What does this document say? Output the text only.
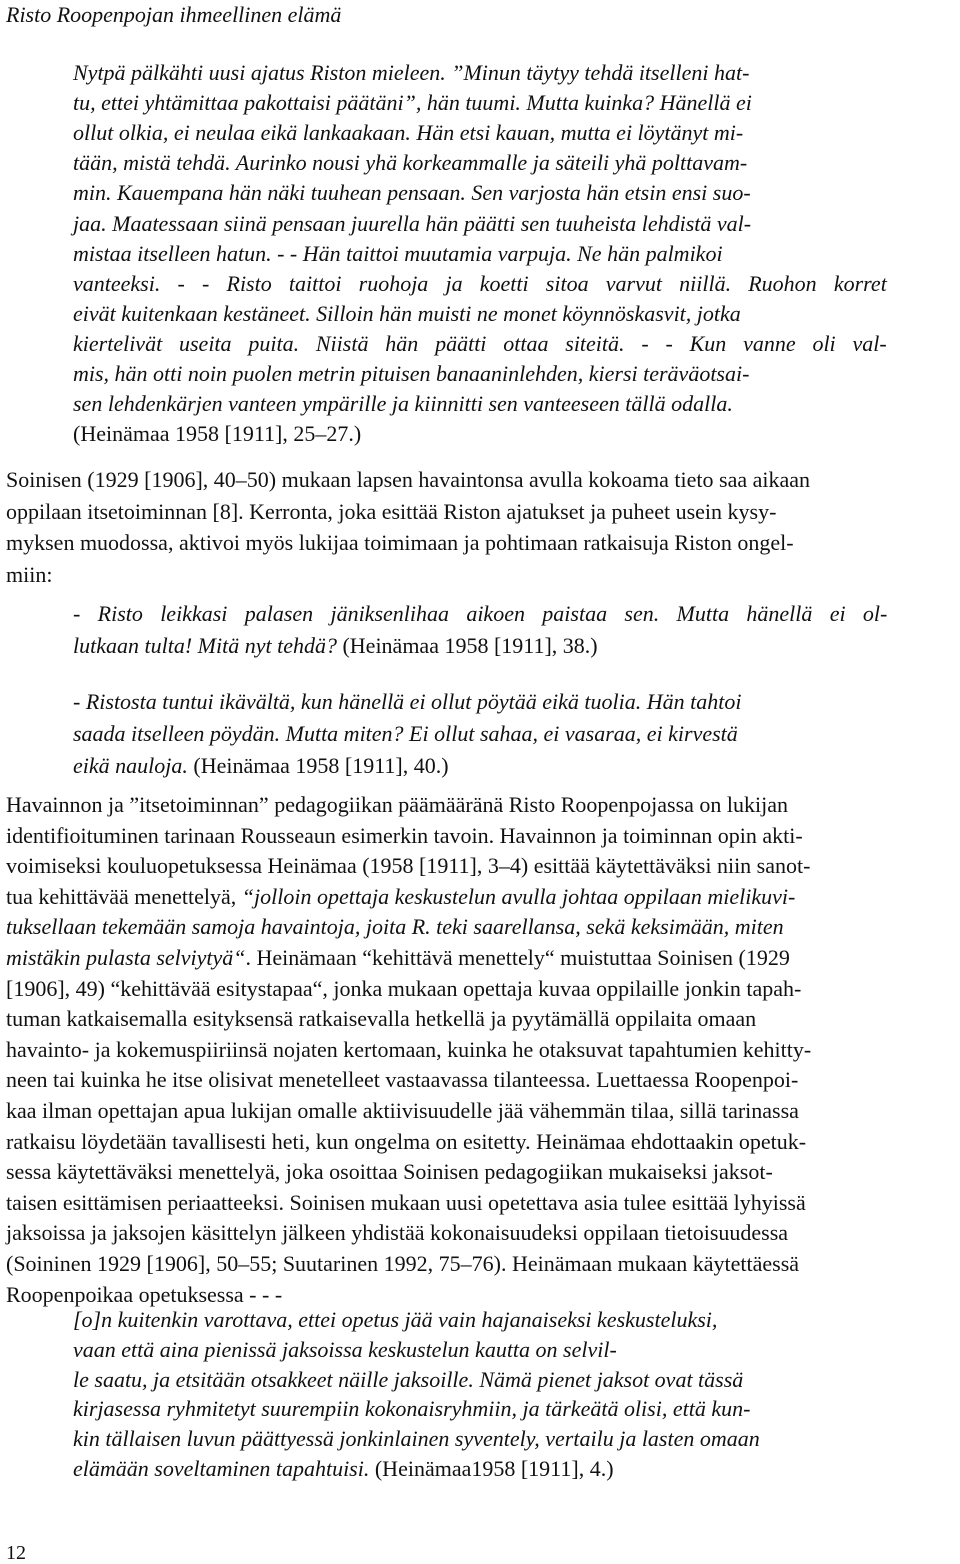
Risto Roopenpojan ihmeellinen elämä
Nytpä pälkähti uusi ajatus Riston mieleen. ”Minun täytyy tehdä itselleni hat-
tu, ettei yhtämittaa pakottaisi päätäni”, hän tuumi. Mutta kuinka? Hänellä ei
ollut olkia, ei neulaa eikä lankaakaan. Hän etsi kauan, mutta ei löytänyt mi-
tään, mistä tehdä. Aurinko nousi yhä korkeammalle ja säteili yhä polttavam-
min. Kauempana hän näki tuuhean pensaan. Sen varjosta hän etsin ensi suo-
jaa. Maatessaan siinä pensaan juurella hän päätti sen tuuheista lehdistä val-
mistaa itselleen hatun. - - Hän taittoi muutamia varpuja. Ne hän palmikoi
vanteeksi. - - Risto taittoi ruohoja ja koetti sitoa varvut niillä. Ruohon korret
eivät kuitenkaan kestäneet. Silloin hän muisti ne monet köynnöskasvit, jotka
kiertelivät useita puita. Niistä hän päätti ottaa siteitä. - - Kun vanne oli val-
mis, hän otti noin puolen metrin pituisen banaaninlehden, kiersi teräväotsai-
sen lehdenkärjen vanteen ympärille ja kiinnitti sen vanteeseen tällä odalla.
(Heinämaa 1958 [1911], 25–27.)
Soinisen (1929 [1906], 40–50) mukaan lapsen havaintonsa avulla kokoama tieto saa aikaan
oppilaan itsetoiminnan [8]. Kerronta, joka esittää Riston ajatukset ja puheet usein kysy-
myksen muodossa, aktivoi myös lukijaa toimimaan ja pohtimaan ratkaisuja Riston ongel-
miin:
- Risto leikkasi palasen jäniksenlihaa aikoen paistaa sen. Mutta hänellä ei ol-
lutkaan tulta! Mitä nyt tehdä? (Heinämaa 1958 [1911], 38.)
- Ristosta tuntui ikävältä, kun hänellä ei ollut pöytää eikä tuolia. Hän tahtoi
saada itselleen pöydän. Mutta miten? Ei ollut sahaa, ei vasaraa, ei kirvestä
eikä nauloja. (Heinämaa 1958 [1911], 40.)
Havainnon ja ”itsetoiminnan” pedagogiikan päämääränä Risto Roopenpojassa on lukijan
identifioituminen tarinaan Rousseaun esimerkin tavoin. Havainnon ja toiminnan opin akti-
voimiseksi kouluopetuksessa Heinämaa (1958 [1911], 3–4) esittää käytettäväksi niin sanot-
tua kehittävää menettelyä, “jolloin opettaja keskustelun avulla johtaa oppilaan mielikuvi-
tuksellaan tekemään samoja havaintoja, joita R. teki saarellansa, sekä keksimään, miten
mistäkin pulasta selviytyä“. Heinämaan “kehittävä menettely“ muistuttaa Soinisen (1929
[1906], 49) “kehittävää esitystapaa“, jonka mukaan opettaja kuvaa oppilaille jonkin tapah-
tuman katkaisemalla esityksensä ratkaisevalla hetkellä ja pyytämällä oppilaita omaan
havainto- ja kokemuspiiriinsä nojaten kertomaan, kuinka he otaksuvat tapahtumien kehitty-
neen tai kuinka he itse olisivat menetelleet vastaavassa tilanteessa. Luettaessa Roopenpoi-
kaa ilman opettajan apua lukijan omalle aktiivisuudelle jää vähemmän tilaa, sillä tarinassa
ratkaisu löydetään tavallisesti heti, kun ongelma on esitetty. Heinämaa ehdottaakin opetuk-
sessa käytettäväksi menettelyä, joka osoittaa Soinisen pedagogiikan mukaiseksi jaksot-
taisen esittämisen periaatteeksi. Soinisen mukaan uusi opetettava asia tulee esittää lyhyissä
jaksoissa ja jaksojen käsittelyn jälkeen yhdistää kokonaisuudeksi oppilaan tietoisuudessa
(Soininen 1929 [1906], 50–55; Suutarinen 1992, 75–76). Heinämaan mukaan käytettäessä
Roopenpoikaa opetuksessa - - -
[o]n kuitenkin varottava, ettei opetus jää vain hajanaiseksi keskusteluksi,
vaan että aina pienissä jaksoissa keskustelun kautta on selvil-
le saatu, ja etsitään otsakkeet näille jaksoille. Nämä pienet jaksot ovat tässä
kirjasessa ryhmitetyt suurempiin kokonaisryhmiin, ja tärkeätä olisi, että kun-
kin tällaisen luvun päättyessä jonkinlainen syventely, vertailu ja lasten omaan
elämään soveltaminen tapahtuisi. (Heinämaa1958 [1911], 4.)
12
